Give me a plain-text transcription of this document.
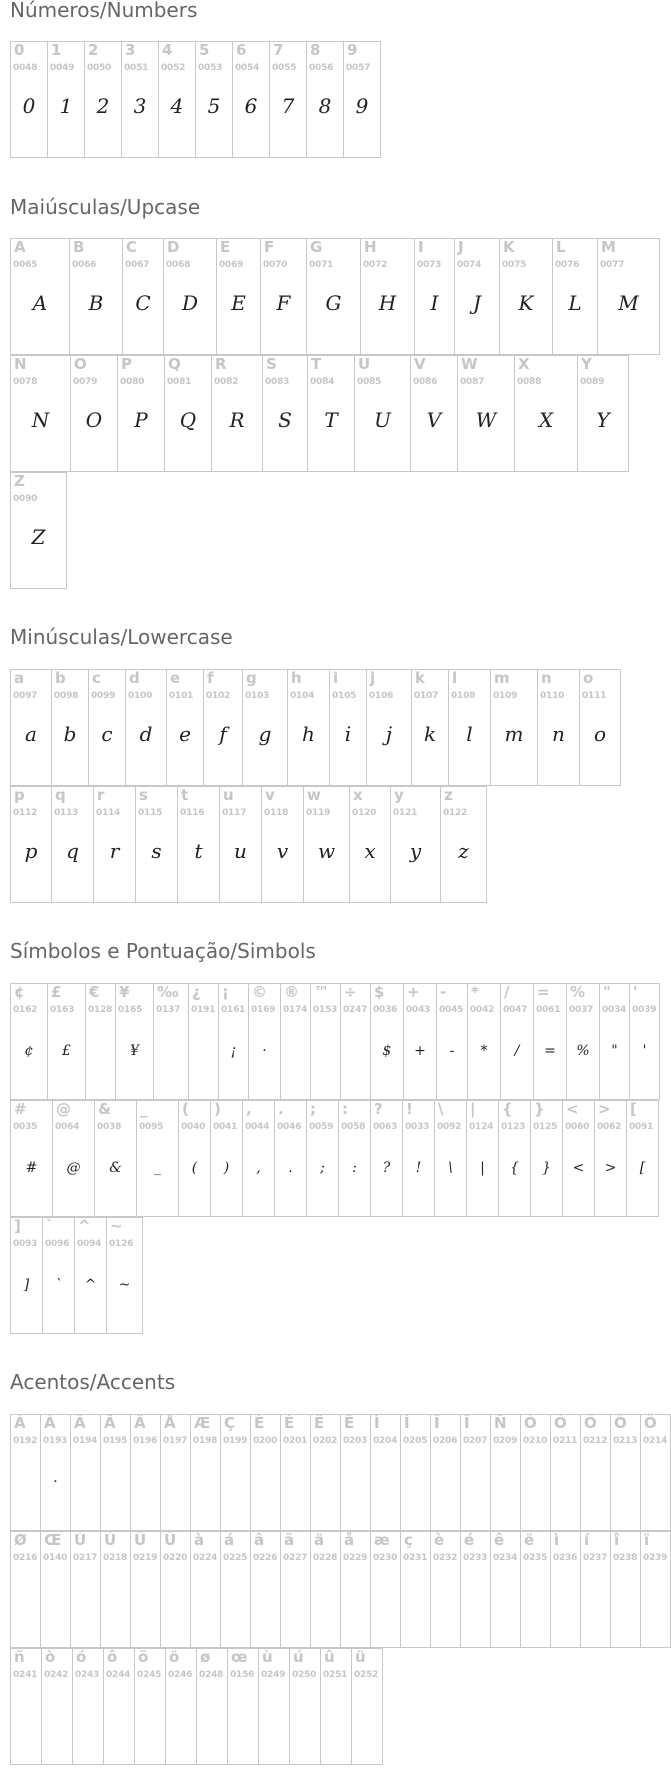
Números/Numbers
0
0048
0
1
0049
1
2
0050
2
3
0051
3
4
0052
4
5
0053
5
6
0054
6
7
0055
7
8
0056
8
9
0057
9
Maiúsculas/Upcase
A
0065
A
B
0066
B
C
0067
C
D
0068
D
E
0069
E
F
0070
F
G
0071
G
H
0072
H
I
0073
I
J
0074
J
K
0075
K
L
0076
L
M
0077
M
N
0078
N
O
0079
O
P
0080
P
Q
0081
Q
R
0082
R
S
0083
S
T
0084
T
U
0085
U
V
0086
V
W
0087
W
X
0088
X
Y
0089
Y
Z
0090
Z
Minúsculas/Lowercase
a
0097
a
b
0098
b
c
0099
c
d
0100
d
e
0101
e
f
0102
f
g
0103
g
h
0104
h
i
0105
i
j
0106
j
k
0107
k
l
0108
l
m
0109
m
n
0110
n
o
0111
o
p
0112
p
q
0113
q
r
0114
r
s
0115
s
t
0116
t
u
0117
u
v
0118
v
w
0119
w
x
0120
x
y
0121
y
z
0122
z
Símbolos e Pontuação/Simbols
¢
0162
¢
£
0163
£
€
0128
¥
0165
¥
‰
0137
¿
0191
¡
0161
¡
©
0169
·
®
0174
™
0153
÷
0247
$
0036
$
+
0043
+
-
0045
-
*
0042
*
/
0047
/
=
0061
=
%
0037
%
"
0034
"
'
0039
'
#
0035
#
@
0064
@
&
0038
&
_
0095
_
(
0040
(
)
0041
)
,
0044
,
.
0046
.
;
0059
;
:
0058
:
?
0063
?
!
0033
!
\
0092
\
|
0124
|
{
0123
{
}
0125
}
<
0060
<
>
0062
>
[
0091
[
]
0093
]
`
0096
`
^
0094
^
~
0126
~
Acentos/Accents
À
0192
Á
0193
·
Â
0194
Ã
0195
Ä
0196
Å
0197
Æ
0198
Ç
0199
È
0200
É
0201
Ê
0202
Ë
0203
Ì
0204
Í
0205
Î
0206
Ï
0207
Ñ
0209
Ò
0210
Ó
0211
Ô
0212
Õ
0213
Ö
0214
Ø
0216
Œ
0140
Ù
0217
Ú
0218
Û
0219
Ü
0220
à
0224
á
0225
â
0226
ã
0227
ä
0228
å
0229
æ
0230
ç
0231
è
0232
é
0233
ê
0234
ë
0235
ì
0236
í
0237
î
0238
ï
0239
ñ
0241
ò
0242
ó
0243
ô
0244
õ
0245
ö
0246
ø
0248
œ
0156
ù
0249
ú
0250
û
0251
ü
0252
